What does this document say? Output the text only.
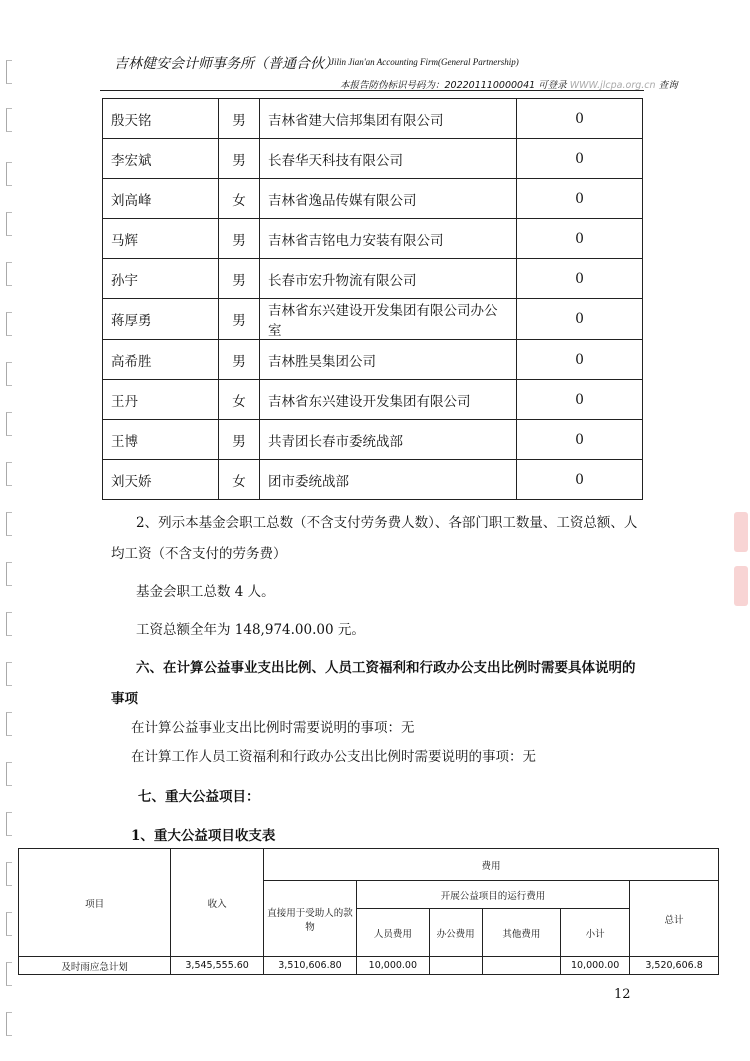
吉林健安会计师事务所（普通合伙）
Jilin Jian'an Accounting Firm(General Partnership)
本报告防伪标识号码为：202201110000041 可登录 WWW.jlcpa.org.cn 查询
殷天铭	男	吉林省建大信邦集团有限公司	0
李宏斌	男	长春华天科技有限公司	0
刘高峰	女	吉林省逸品传媒有限公司	0
马辉	男	吉林省吉铭电力安装有限公司	0
孙宇	男	长春市宏升物流有限公司	0
蒋厚勇	男	吉林省东兴建设开发集团有限公司办公室	0
高希胜	男	吉林胜昊集团公司	0
王丹	女	吉林省东兴建设开发集团有限公司	0
王博	男	共青团长春市委统战部	0
刘天娇	女	团市委统战部	0
2、列示本基金会职工总数（不含支付劳务费人数）、各部门职工数量、工资总额、人
均工资（不含支付的劳务费）
基金会职工总数 4 人。
工资总额全年为 148,974.00.00 元。
六、在计算公益事业支出比例、人员工资福利和行政办公支出比例时需要具体说明的
事项
在计算公益事业支出比例时需要说明的事项：无
在计算工作人员工资福利和行政办公支出比例时需要说明的事项：无
七、重大公益项目：
1、重大公益项目收支表
项目	收入	费用					
		直接用于受助人的款物	开展公益项目的运行费用				总计
			人员费用	办公费用	其他费用	小计	
及时雨应急计划	3,545,555.60	3,510,606.80	10,000.00			10,000.00	3,520,606.8
12
